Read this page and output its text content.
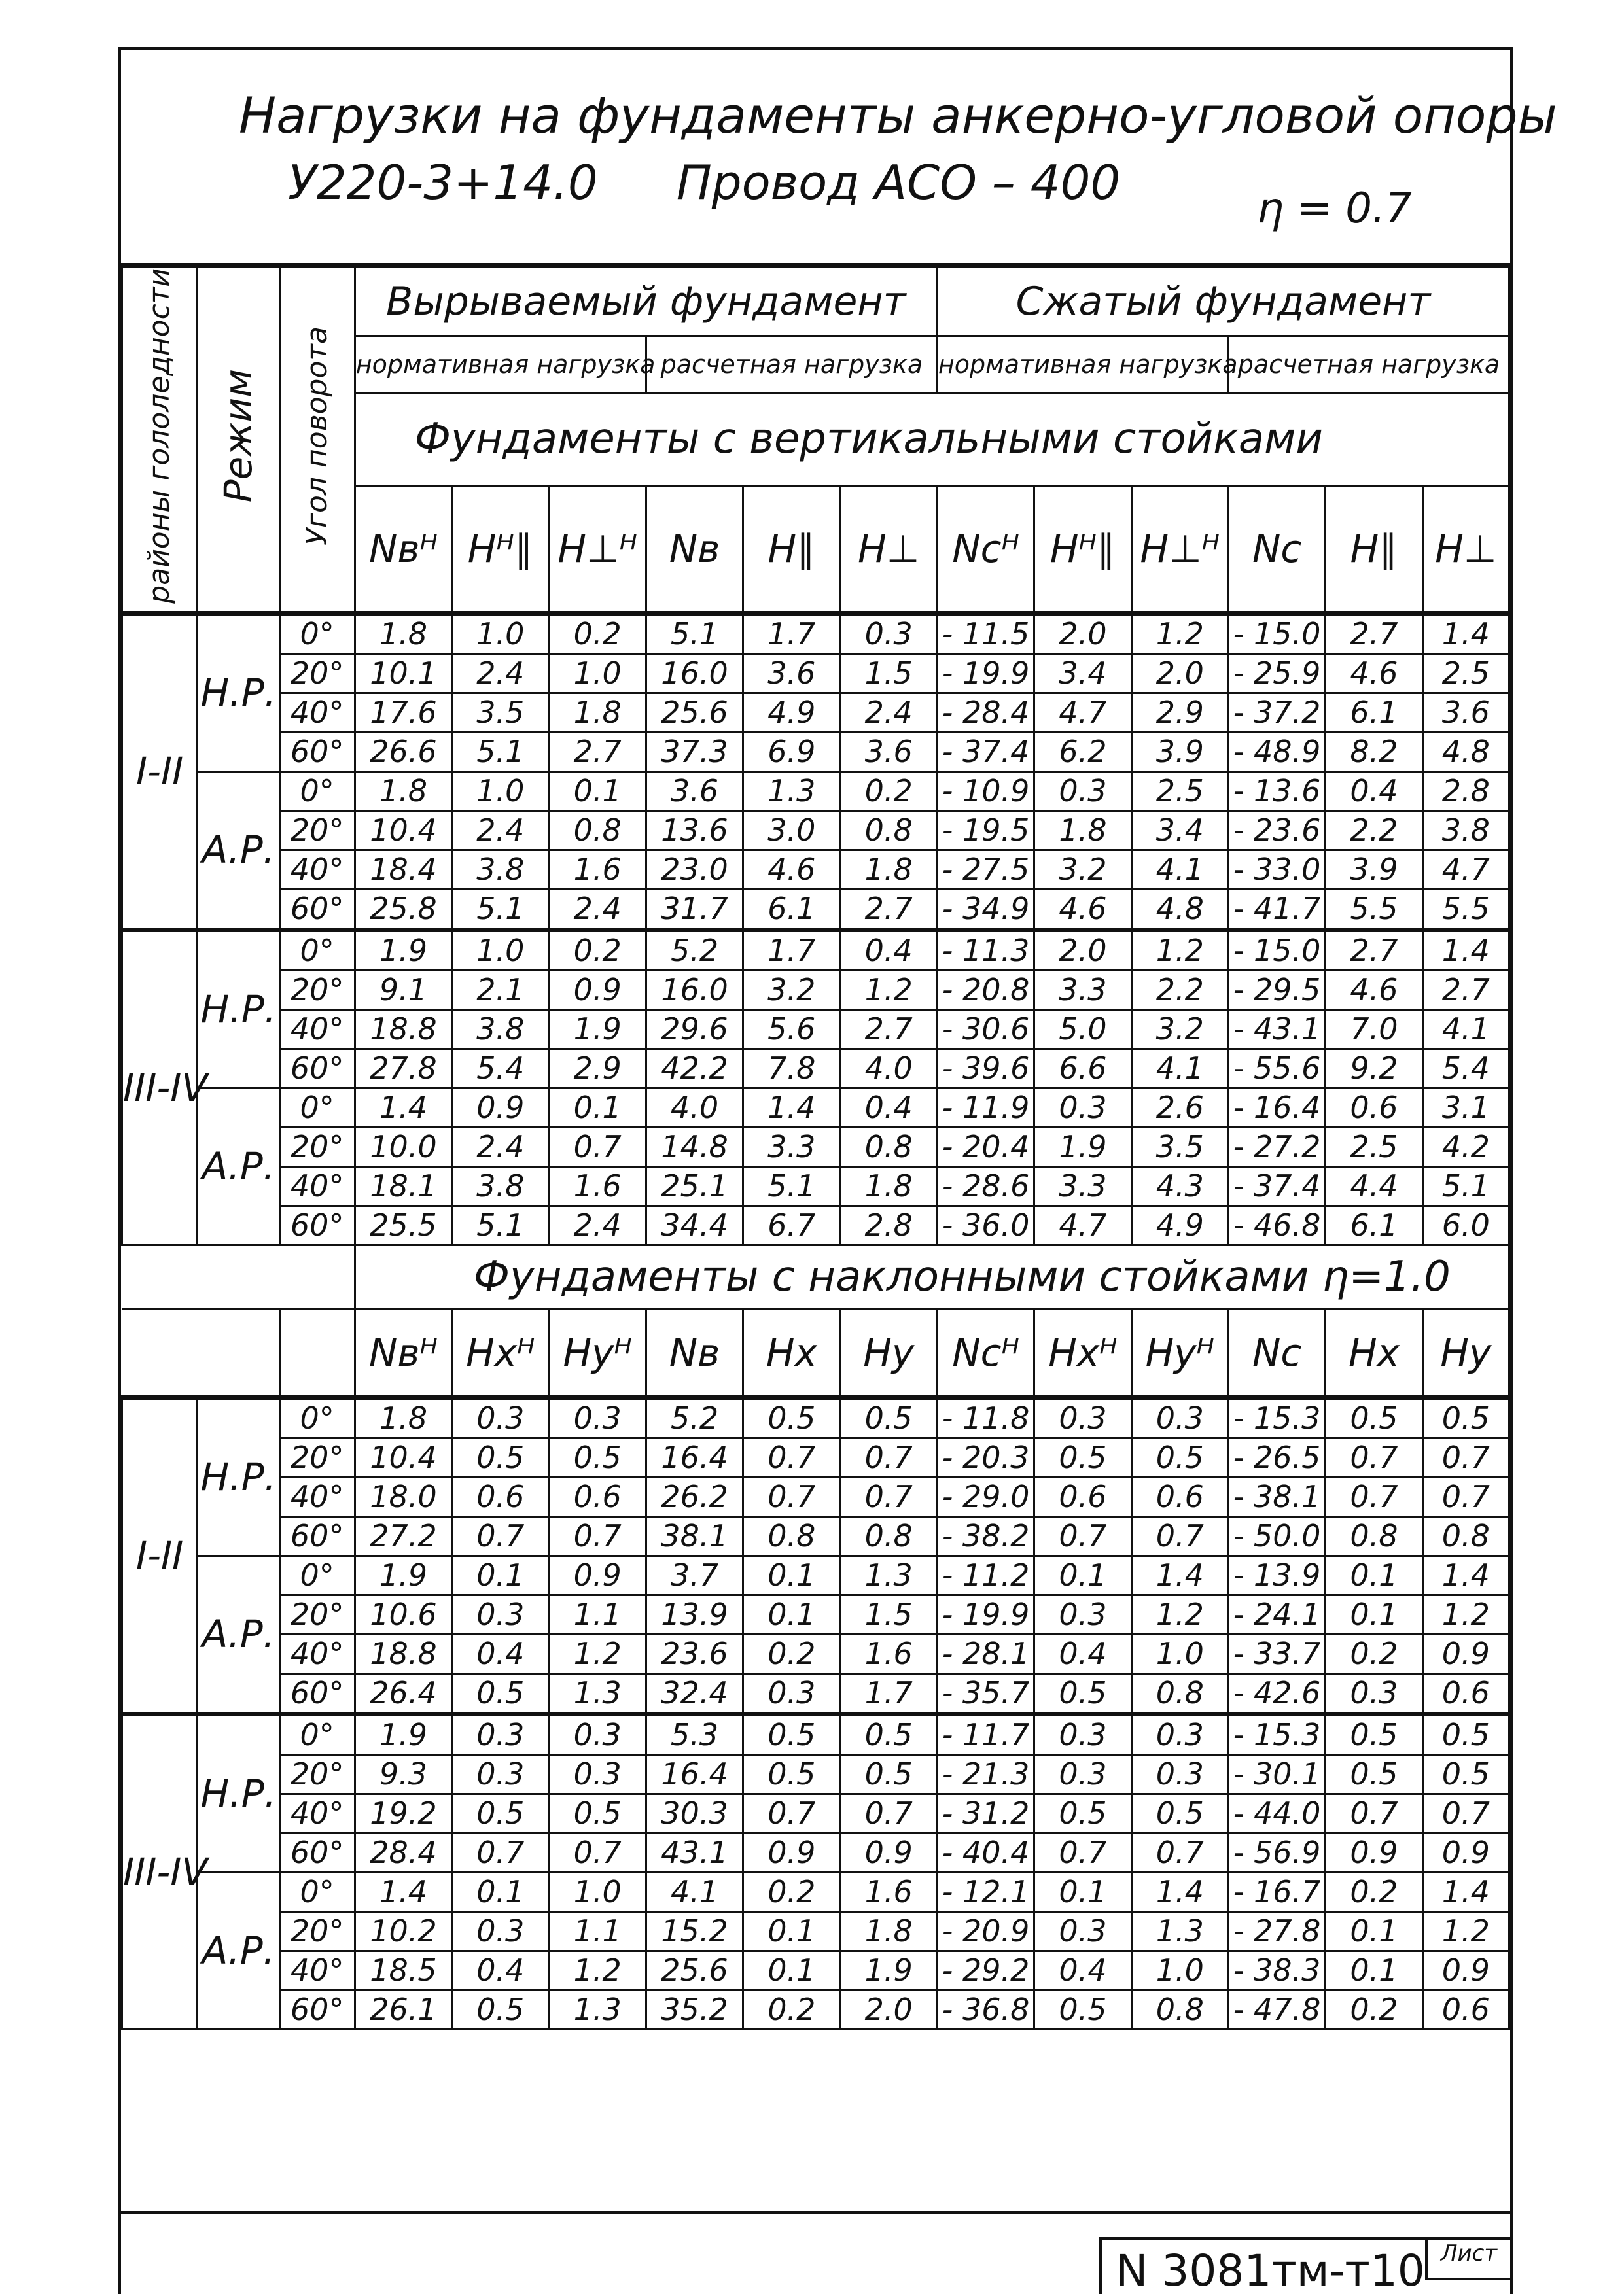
Нагрузки на фундаменты анкерно-угловой опоры
У220-3+14.0 Провод АСО – 400	η = 0.7
районы гололедности	Режим	Угол поворота	Вырываемый фундамент						Сжатый фундамент					
			нормативная нагрузка			расчетная нагрузка			нормативная нагрузка			расчетная нагрузка		
			Фундаменты с вертикальными стойками											
			Nвᴴ	Hᴴ∥	H⊥ᴴ	Nв	H∥	H⊥	Ncᴴ	Hᴴ∥	H⊥ᴴ	Nc	H∥	H⊥
I-II	Н.Р.	0°	1.8	1.0	0.2	5.1	1.7	0.3	- 11.5	2.0	1.2	- 15.0	2.7	1.4
		20°	10.1	2.4	1.0	16.0	3.6	1.5	- 19.9	3.4	2.0	- 25.9	4.6	2.5
		40°	17.6	3.5	1.8	25.6	4.9	2.4	- 28.4	4.7	2.9	- 37.2	6.1	3.6
		60°	26.6	5.1	2.7	37.3	6.9	3.6	- 37.4	6.2	3.9	- 48.9	8.2	4.8
	А.Р.	0°	1.8	1.0	0.1	3.6	1.3	0.2	- 10.9	0.3	2.5	- 13.6	0.4	2.8
		20°	10.4	2.4	0.8	13.6	3.0	0.8	- 19.5	1.8	3.4	- 23.6	2.2	3.8
		40°	18.4	3.8	1.6	23.0	4.6	1.8	- 27.5	3.2	4.1	- 33.0	3.9	4.7
		60°	25.8	5.1	2.4	31.7	6.1	2.7	- 34.9	4.6	4.8	- 41.7	5.5	5.5
III-IV	Н.Р.	0°	1.9	1.0	0.2	5.2	1.7	0.4	- 11.3	2.0	1.2	- 15.0	2.7	1.4
		20°	9.1	2.1	0.9	16.0	3.2	1.2	- 20.8	3.3	2.2	- 29.5	4.6	2.7
		40°	18.8	3.8	1.9	29.6	5.6	2.7	- 30.6	5.0	3.2	- 43.1	7.0	4.1
		60°	27.8	5.4	2.9	42.2	7.8	4.0	- 39.6	6.6	4.1	- 55.6	9.2	5.4
	А.Р.	0°	1.4	0.9	0.1	4.0	1.4	0.4	- 11.9	0.3	2.6	- 16.4	0.6	3.1
		20°	10.0	2.4	0.7	14.8	3.3	0.8	- 20.4	1.9	3.5	- 27.2	2.5	4.2
		40°	18.1	3.8	1.6	25.1	5.1	1.8	- 28.6	3.3	4.3	- 37.4	4.4	5.1
		60°	25.5	5.1	2.4	34.4	6.7	2.8	- 36.0	4.7	4.9	- 46.8	6.1	6.0
			Фундаменты с наклонными стойками η=1.0											
			Nвᴴ	Hxᴴ	Hyᴴ	Nв	Hx	Hy	Ncᴴ	Hxᴴ	Hyᴴ	Nc	Hx	Hy
I-II	Н.Р.	0°	1.8	0.3	0.3	5.2	0.5	0.5	- 11.8	0.3	0.3	- 15.3	0.5	0.5
		20°	10.4	0.5	0.5	16.4	0.7	0.7	- 20.3	0.5	0.5	- 26.5	0.7	0.7
		40°	18.0	0.6	0.6	26.2	0.7	0.7	- 29.0	0.6	0.6	- 38.1	0.7	0.7
		60°	27.2	0.7	0.7	38.1	0.8	0.8	- 38.2	0.7	0.7	- 50.0	0.8	0.8
	А.Р.	0°	1.9	0.1	0.9	3.7	0.1	1.3	- 11.2	0.1	1.4	- 13.9	0.1	1.4
		20°	10.6	0.3	1.1	13.9	0.1	1.5	- 19.9	0.3	1.2	- 24.1	0.1	1.2
		40°	18.8	0.4	1.2	23.6	0.2	1.6	- 28.1	0.4	1.0	- 33.7	0.2	0.9
		60°	26.4	0.5	1.3	32.4	0.3	1.7	- 35.7	0.5	0.8	- 42.6	0.3	0.6
III-IV	Н.Р.	0°	1.9	0.3	0.3	5.3	0.5	0.5	- 11.7	0.3	0.3	- 15.3	0.5	0.5
		20°	9.3	0.3	0.3	16.4	0.5	0.5	- 21.3	0.3	0.3	- 30.1	0.5	0.5
		40°	19.2	0.5	0.5	30.3	0.7	0.7	- 31.2	0.5	0.5	- 44.0	0.7	0.7
		60°	28.4	0.7	0.7	43.1	0.9	0.9	- 40.4	0.7	0.7	- 56.9	0.9	0.9
	А.Р.	0°	1.4	0.1	1.0	4.1	0.2	1.6	- 12.1	0.1	1.4	- 16.7	0.2	1.4
		20°	10.2	0.3	1.1	15.2	0.1	1.8	- 20.9	0.3	1.3	- 27.8	0.1	1.2
		40°	18.5	0.4	1.2	25.6	0.1	1.9	- 29.2	0.4	1.0	- 38.3	0.1	0.9
		60°	26.1	0.5	1.3	35.2	0.2	2.0	- 36.8	0.5	0.8	- 47.8	0.2	0.6
N 3081тм-т10 Лист
